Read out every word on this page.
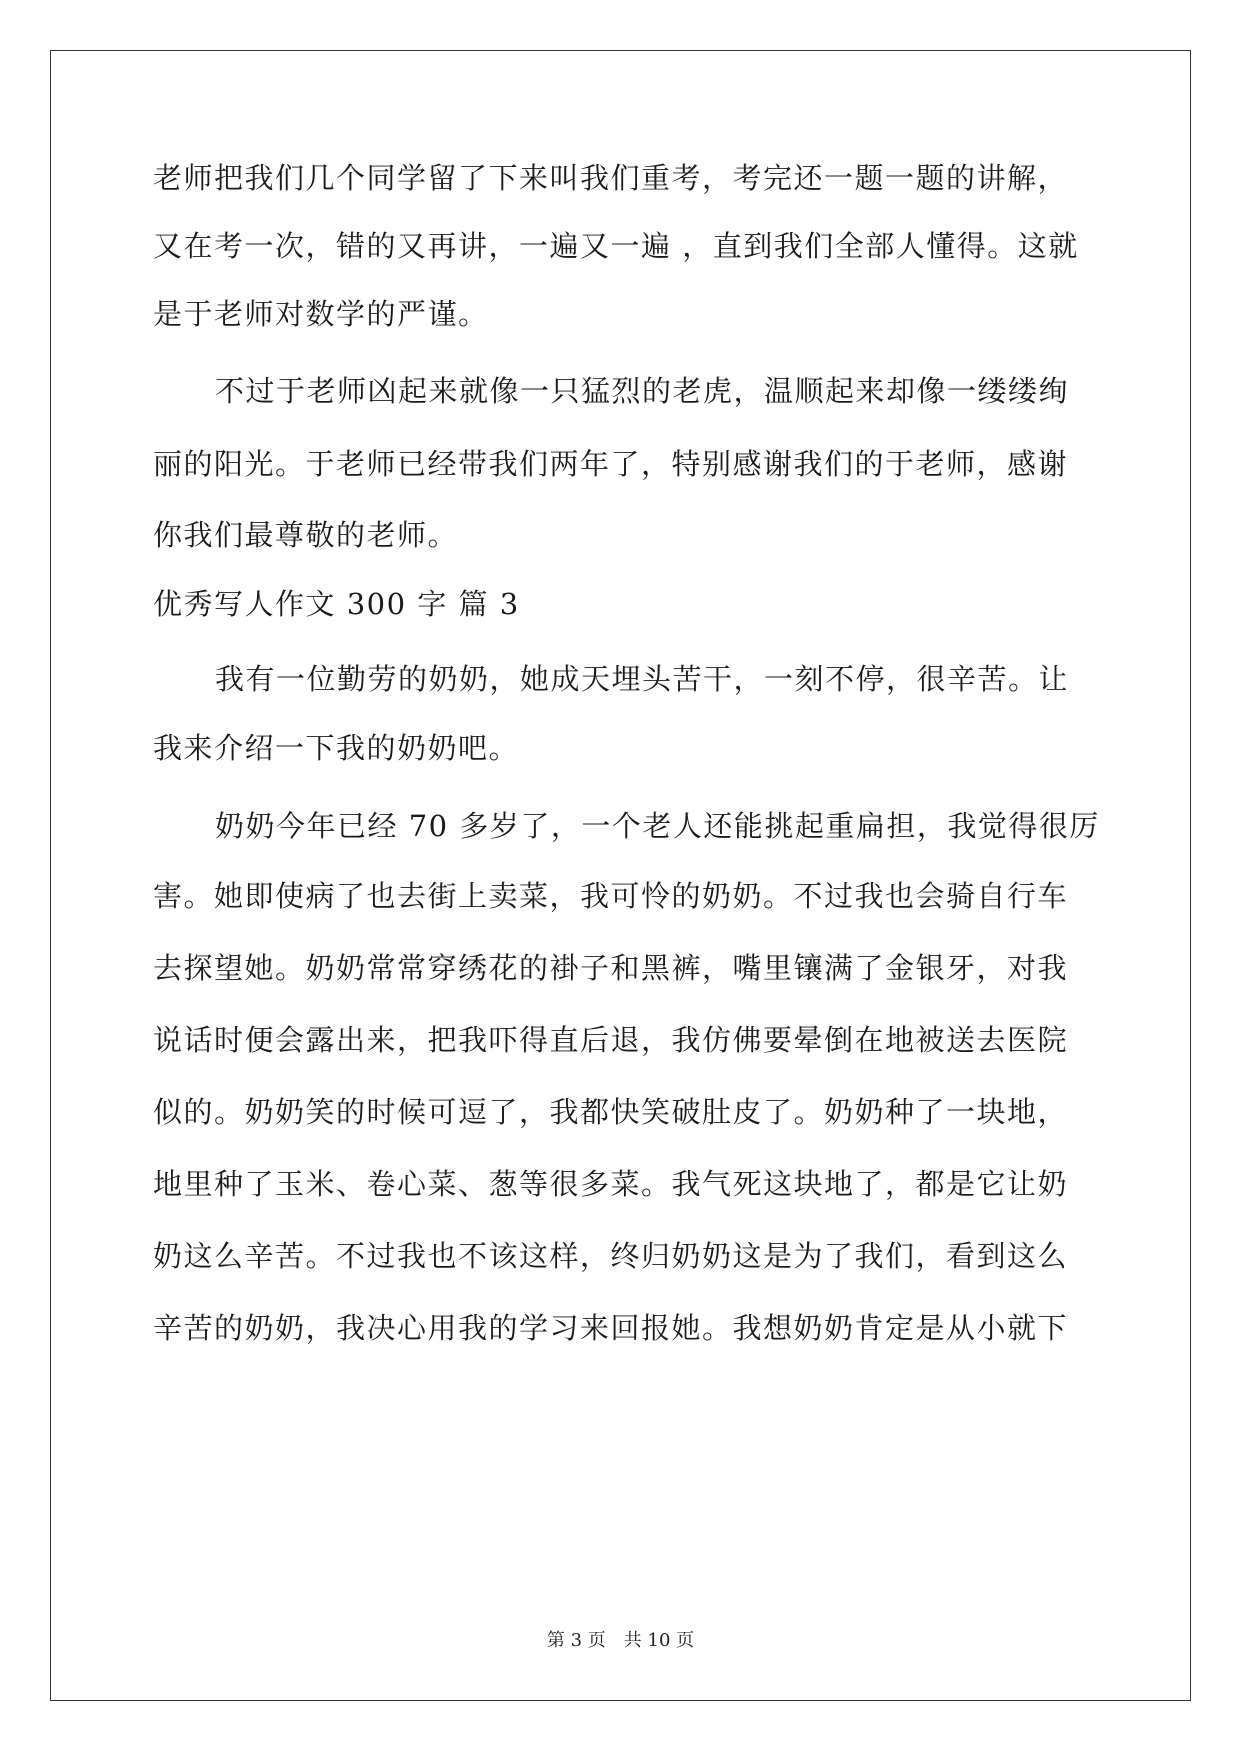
老师把我们几个同学留了下来叫我们重考，考完还一题一题的讲解，
又在考一次，错的又再讲，一遍又一遍 ，直到我们全部人懂得。这就
是于老师对数学的严谨。
不过于老师凶起来就像一只猛烈的老虎，温顺起来却像一缕缕绚
丽的阳光。于老师已经带我们两年了，特别感谢我们的于老师，感谢
你我们最尊敬的老师。
优秀写人作文 300 字 篇 3
我有一位勤劳的奶奶，她成天埋头苦干，一刻不停，很辛苦。让
我来介绍一下我的奶奶吧。
奶奶今年已经 70 多岁了，一个老人还能挑起重扁担，我觉得很厉
害。她即使病了也去街上卖菜，我可怜的奶奶。不过我也会骑自行车
去探望她。奶奶常常穿绣花的褂子和黑裤，嘴里镶满了金银牙，对我
说话时便会露出来，把我吓得直后退，我仿佛要晕倒在地被送去医院
似的。奶奶笑的时候可逗了，我都快笑破肚皮了。奶奶种了一块地，
地里种了玉米、卷心菜、葱等很多菜。我气死这块地了，都是它让奶
奶这么辛苦。不过我也不该这样，终归奶奶这是为了我们，看到这么
辛苦的奶奶，我决心用我的学习来回报她。我想奶奶肯定是从小就下
第 3 页　共 10 页
